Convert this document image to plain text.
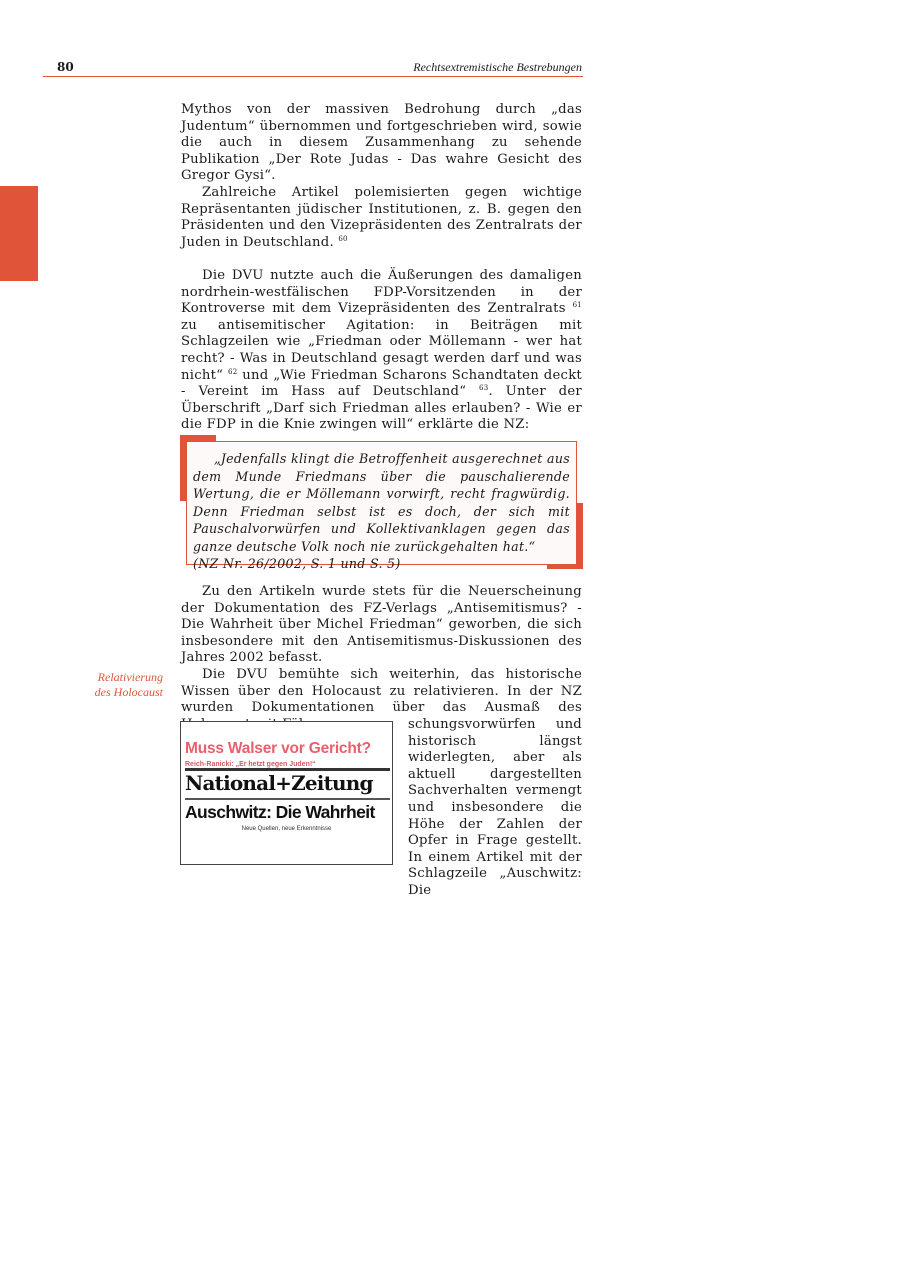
80	Rechtsextremistische Bestrebungen

Mythos von der massiven Bedrohung durch „das Judentum“ übernommen und fortgeschrieben wird, sowie die auch in diesem Zusammenhang zu sehende Publikation „Der Rote Judas - Das wahre Gesicht des Gregor Gysi“.

Zahlreiche Artikel polemisierten gegen wichtige Repräsentanten jüdischer Institutionen, z. B. gegen den Präsidenten und den Vizepräsidenten des Zentralrats der Juden in Deutschland. $^{60}$

Die DVU nutzte auch die Äußerungen des damaligen nordrhein-westfälischen FDP-Vorsitzenden in der Kontroverse mit dem Vizepräsidenten des Zentralrats $^{61}$ zu antisemitischer Agitation: in Beiträgen mit Schlagzeilen wie „Friedman oder Möllemann - wer hat recht? - Was in Deutschland gesagt werden darf und was nicht“ $^{62}$ und „Wie Friedman Scharons Schandtaten deckt - Vereint im Hass auf Deutschland“ $^{63}$. Unter der Überschrift „Darf sich Friedman alles erlauben? - Wie er die FDP in die Knie zwingen will“ erklärte die NZ:

„Jedenfalls klingt die Betroffenheit ausgerechnet aus dem Munde Friedmans über die pauschalierende Wertung, die er Möllemann vorwirft, recht fragwürdig. Denn Friedman selbst ist es doch, der sich mit Pauschalvorwürfen und Kollektivanklagen gegen das ganze deutsche Volk noch nie zurückgehalten hat.“

(NZ Nr. 26/2002, S. 1 und S. 5)

Zu den Artikeln wurde stets für die Neuerscheinung der Dokumentation des FZ-Verlags „Antisemitismus? - Die Wahrheit über Michel Friedman“ geworben, die sich insbesondere mit den Antisemitismus-Diskussionen des Jahres 2002 befasst.

Relativierung
des Holocaust

Die DVU bemühte sich weiterhin, das historische Wissen über den Holocaust zu relativieren. In der NZ wurden Dokumentationen über das Ausmaß des

Muss Walser vor Gericht?
Reich-Ranicki: „Er hetzt gegen Juden!“
National+Zeitung
Auschwitz: Die Wahrheit
Neue Quellen, neue Erkenntnisse

schungsvorwürfen und historisch längst widerlegten, aber als aktuell dargestellten Sachverhalten vermengt und insbesondere die Höhe der Zahlen der Opfer in Frage gestellt. In einem Artikel mit der Schlagzeile „Auschwitz: Die
